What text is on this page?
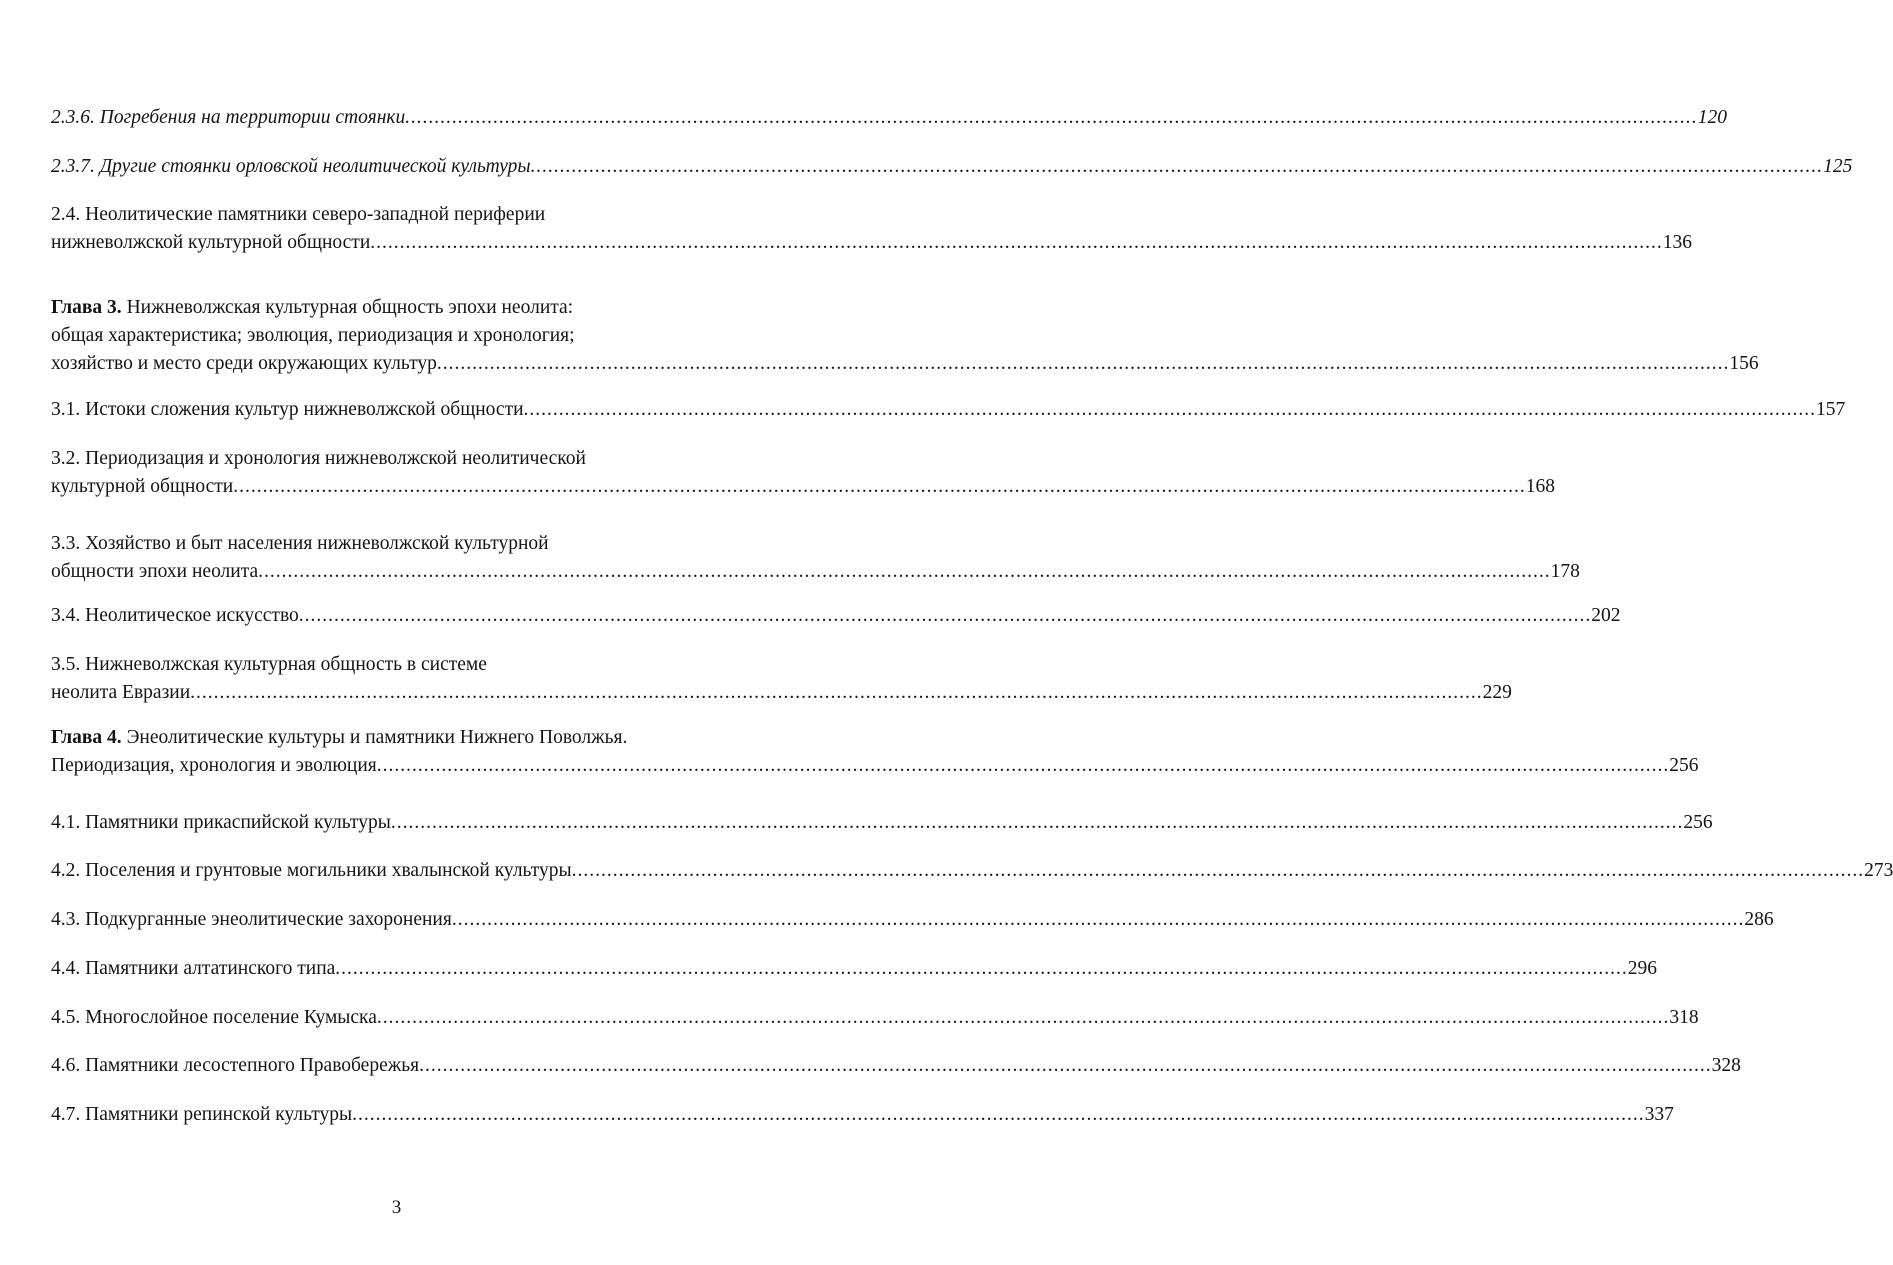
2.3.6. Погребения на территории стоянки ............................................................................................................................................................................................................................ 120
2.3.7. Другие стоянки орловской неолитической культуры ............................................................................................................................................................................................................................ 125
2.4. Неолитические памятники северо-западной периферии
нижневолжской культурной общности ............................................................................................................................................................................................................................ 136
Глава 3. Нижневолжская культурная общность эпохи неолита:
общая характеристика; эволюция, периодизация и хронология;
хозяйство и место среди окружающих культур ............................................................................................................................................................................................................................ 156
3.1. Истоки сложения культур нижневолжской общности ............................................................................................................................................................................................................................ 157
3.2. Периодизация и хронология нижневолжской неолитической
культурной общности ............................................................................................................................................................................................................................ 168
3.3. Хозяйство и быт населения нижневолжской культурной
общности эпохи неолита ............................................................................................................................................................................................................................ 178
3.4. Неолитическое искусство ............................................................................................................................................................................................................................ 202
3.5. Нижневолжская культурная общность в системе
неолита Евразии ............................................................................................................................................................................................................................ 229
Глава 4. Энеолитические культуры и памятники Нижнего Поволжья.
Периодизация, хронология и эволюция ............................................................................................................................................................................................................................ 256
4.1. Памятники прикаспийской культуры ............................................................................................................................................................................................................................ 256
4.2. Поселения и грунтовые могильники хвалынской культуры ............................................................................................................................................................................................................................ 273
4.3. Подкурганные энеолитические захоронения ............................................................................................................................................................................................................................ 286
4.4. Памятники алтатинского типа ............................................................................................................................................................................................................................ 296
4.5. Многослойное поселение Кумыска ............................................................................................................................................................................................................................ 318
4.6. Памятники лесостепного Правобережья ............................................................................................................................................................................................................................ 328
4.7. Памятники репинской культуры ............................................................................................................................................................................................................................ 337
3
